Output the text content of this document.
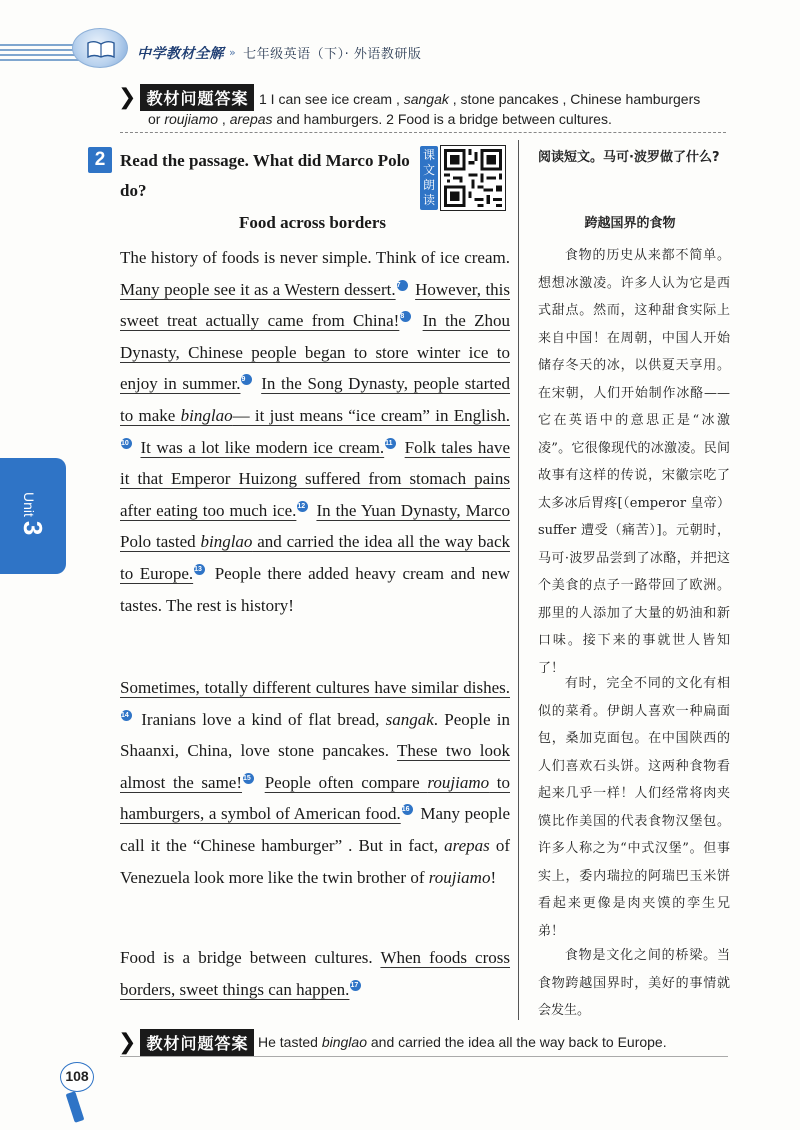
中学教材全解 » 七年级英语（下）· 外语教研版
❯ 教材问题答案 1 I can see ice cream , sangak , stone pancakes , Chinese hamburgers
or roujiamo , arepas and hamburgers. 2 Food is a bridge between cultures.
2 Read the passage. What did Marco Polo do?
课文朗读
阅读短文。马可·波罗做了什么?
Food across borders	跨越国界的食物
The history of foods is never simple. Think of ice cream. Many people see it as a Western dessert.7 However, this sweet treat actually came from China!8 In the Zhou Dynasty, Chinese people began to store winter ice to enjoy in summer.9 In the Song Dynasty, people started to make binglao— it just means “ice cream” in English.10 It was a lot like modern ice cream.11 Folk tales have it that Emperor Huizong suffered from stomach pains after eating too much ice.12 In the Yuan Dynasty, Marco Polo tasted binglao and carried the idea all the way back to Europe.13 People there added heavy cream and new tastes. The rest is history!
Sometimes, totally different cultures have similar dishes.14 Iranians love a kind of flat bread, sangak. People in Shaanxi, China, love stone pancakes. These two look almost the same!15 People often compare roujiamo to hamburgers, a symbol of American food.16 Many people call it the “Chinese hamburger” . But in fact, arepas of Venezuela look more like the twin brother of roujiamo!
Food is a bridge between cultures. When foods cross borders, sweet things can happen.17
食物的历史从来都不简单。想想冰激凌。许多人认为它是西式甜点。然而，这种甜食实际上来自中国！在周朝，中国人开始储存冬天的冰，以供夏天享用。在宋朝，人们开始制作冰酪——它在英语中的意思正是“冰激凌”。它很像现代的冰激凌。民间故事有这样的传说，宋徽宗吃了太多冰后胃疼[（emperor 皇帝） suffer 遭受（痛苦）]。元朝时，马可·波罗品尝到了冰酪，并把这个美食的点子一路带回了欧洲。那里的人添加了大量的奶油和新口味。接下来的事就世人皆知了！
有时，完全不同的文化有相似的菜肴。伊朗人喜欢一种扁面包，桑加克面包。在中国陕西的人们喜欢石头饼。这两种食物看起来几乎一样！人们经常将肉夹馍比作美国的代表食物汉堡包。许多人称之为“中式汉堡”。但事实上，委内瑞拉的阿瑞巴玉米饼看起来更像是肉夹馍的孪生兄弟！
食物是文化之间的桥梁。当食物跨越国界时，美好的事情就会发生。
Unit3
❯ 教材问题答案 He tasted binglao and carried the idea all the way back to Europe.
108
